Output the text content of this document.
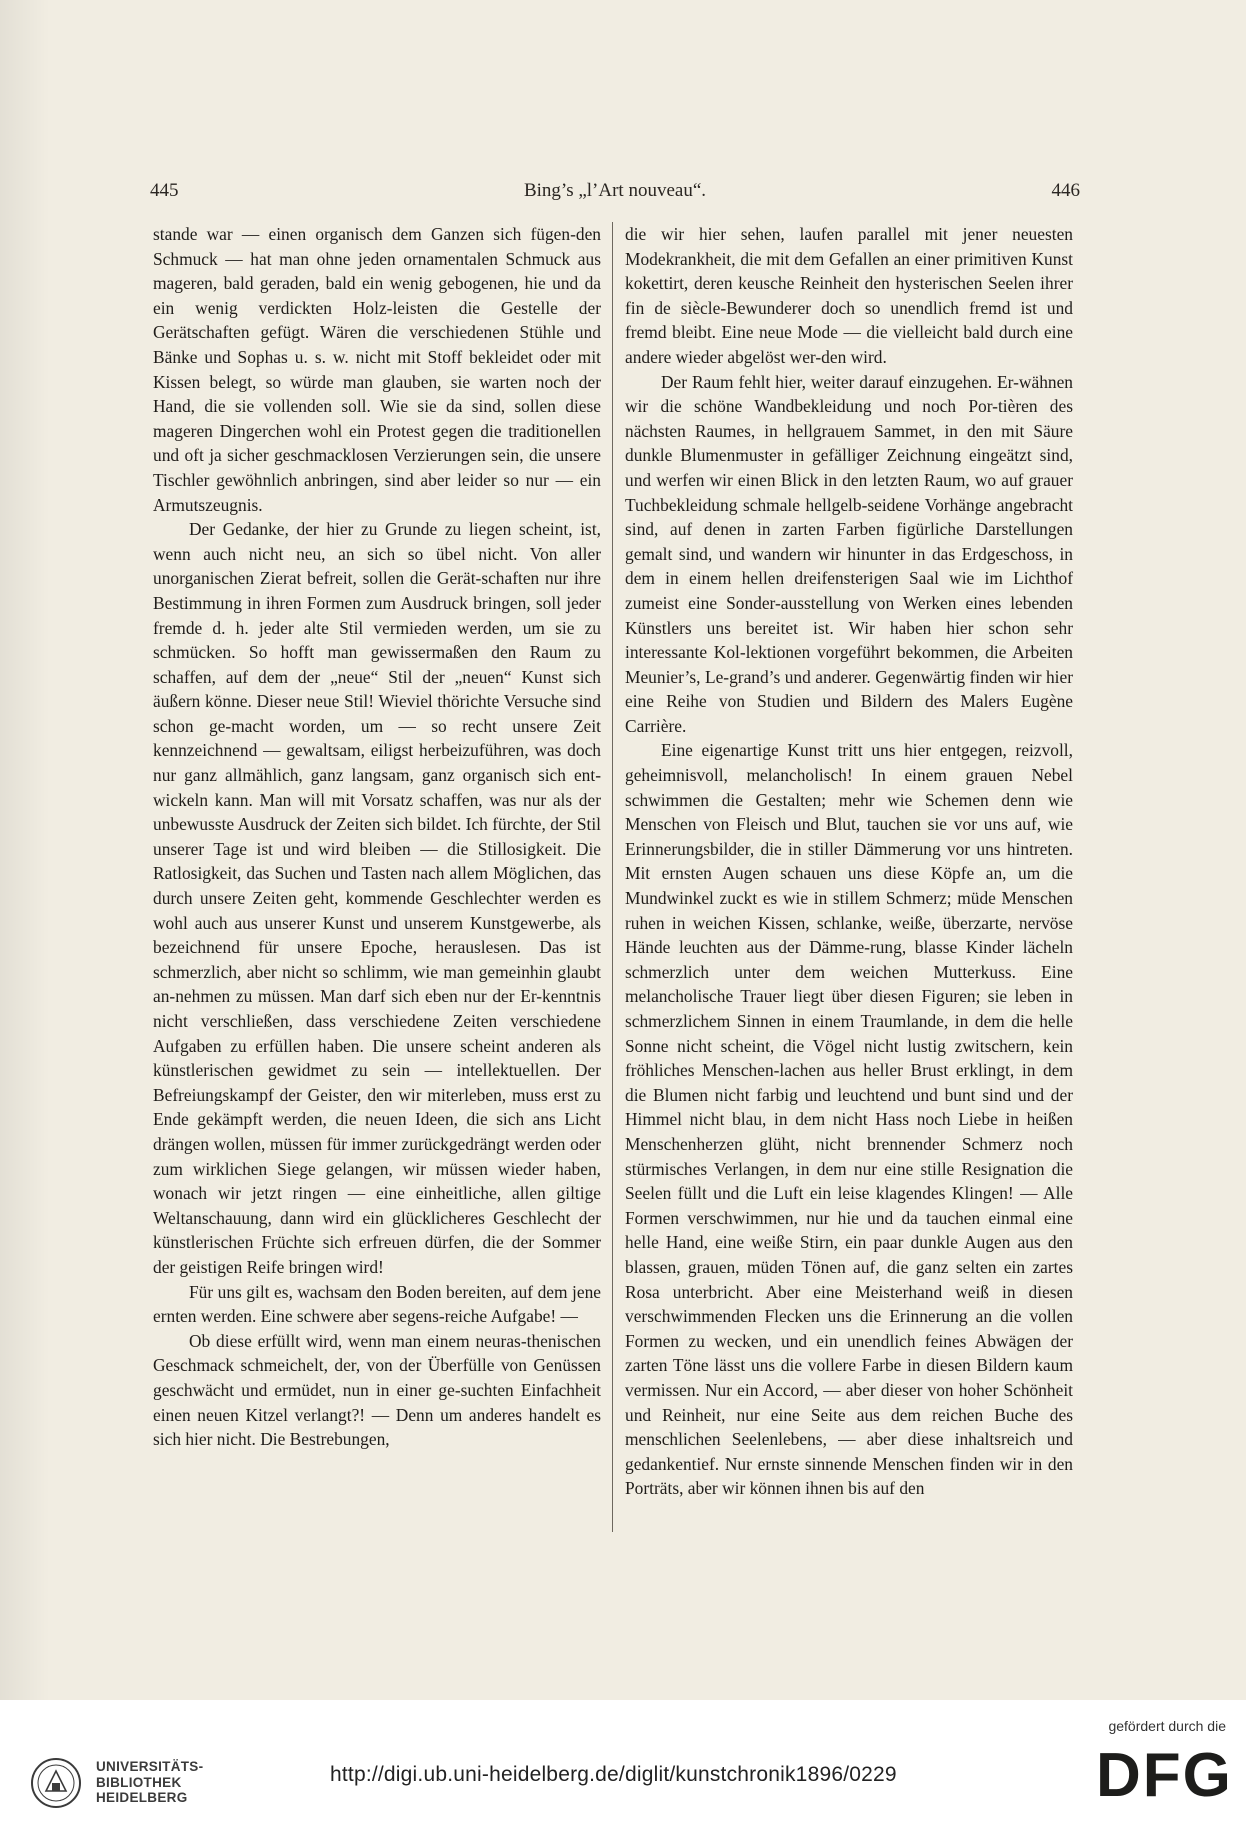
445	Bing’s „l’Art nouveau“.	446

stande war — einen organisch dem Ganzen sich fügen-den Schmuck — hat man ohne jeden ornamentalen Schmuck aus mageren, bald geraden, bald ein wenig gebogenen, hie und da ein wenig verdickten Holz-leisten die Gestelle der Gerätschaften gefügt. Wären die verschiedenen Stühle und Bänke und Sophas u. s. w. nicht mit Stoff bekleidet oder mit Kissen belegt, so würde man glauben, sie warten noch der Hand, die sie vollenden soll. Wie sie da sind, sollen diese mageren Dingerchen wohl ein Protest gegen die traditionellen und oft ja sicher geschmacklosen Verzierungen sein, die unsere Tischler gewöhnlich anbringen, sind aber leider so nur — ein Armutszeugnis.

Der Gedanke, der hier zu Grunde zu liegen scheint, ist, wenn auch nicht neu, an sich so übel nicht. Von aller unorganischen Zierat befreit, sollen die Gerät-schaften nur ihre Bestimmung in ihren Formen zum Ausdruck bringen, soll jeder fremde d. h. jeder alte Stil vermieden werden, um sie zu schmücken. So hofft man gewissermaßen den Raum zu schaffen, auf dem der „neue“ Stil der „neuen“ Kunst sich äußern könne. Dieser neue Stil! Wieviel thörichte Versuche sind schon ge-macht worden, um — so recht unsere Zeit kennzeichnend — gewaltsam, eiligst herbeizuführen, was doch nur ganz allmählich, ganz langsam, ganz organisch sich ent-wickeln kann. Man will mit Vorsatz schaffen, was nur als der unbewusste Ausdruck der Zeiten sich bildet. Ich fürchte, der Stil unserer Tage ist und wird bleiben — die Stillosigkeit. Die Ratlosigkeit, das Suchen und Tasten nach allem Möglichen, das durch unsere Zeiten geht, kommende Geschlechter werden es wohl auch aus unserer Kunst und unserem Kunstgewerbe, als bezeichnend für unsere Epoche, herauslesen. Das ist schmerzlich, aber nicht so schlimm, wie man gemeinhin glaubt an-nehmen zu müssen. Man darf sich eben nur der Er-kenntnis nicht verschließen, dass verschiedene Zeiten verschiedene Aufgaben zu erfüllen haben. Die unsere scheint anderen als künstlerischen gewidmet zu sein — intellektuellen. Der Befreiungskampf der Geister, den wir miterleben, muss erst zu Ende gekämpft werden, die neuen Ideen, die sich ans Licht drängen wollen, müssen für immer zurückgedrängt werden oder zum wirklichen Siege gelangen, wir müssen wieder haben, wonach wir jetzt ringen — eine einheitliche, allen giltige Weltanschauung, dann wird ein glücklicheres Geschlecht der künstlerischen Früchte sich erfreuen dürfen, die der Sommer der geistigen Reife bringen wird!

Für uns gilt es, wachsam den Boden bereiten, auf dem jene ernten werden. Eine schwere aber segens-reiche Aufgabe! —

Ob diese erfüllt wird, wenn man einem neuras-thenischen Geschmack schmeichelt, der, von der Überfülle von Genüssen geschwächt und ermüdet, nun in einer ge-suchten Einfachheit einen neuen Kitzel verlangt?! — Denn um anderes handelt es sich hier nicht. Die Bestrebungen,

die wir hier sehen, laufen parallel mit jener neuesten Modekrankheit, die mit dem Gefallen an einer primitiven Kunst kokettirt, deren keusche Reinheit den hysterischen Seelen ihrer fin de siècle-Bewunderer doch so unendlich fremd ist und fremd bleibt. Eine neue Mode — die vielleicht bald durch eine andere wieder abgelöst wer-den wird.

Der Raum fehlt hier, weiter darauf einzugehen. Er-wähnen wir die schöne Wandbekleidung und noch Por-tièren des nächsten Raumes, in hellgrauem Sammet, in den mit Säure dunkle Blumenmuster in gefälliger Zeichnung eingeätzt sind, und werfen wir einen Blick in den letzten Raum, wo auf grauer Tuchbekleidung schmale hellgelb-seidene Vorhänge angebracht sind, auf denen in zarten Farben figürliche Darstellungen gemalt sind, und wandern wir hinunter in das Erdgeschoss, in dem in einem hellen dreifensterigen Saal wie im Lichthof zumeist eine Sonder-ausstellung von Werken eines lebenden Künstlers uns bereitet ist. Wir haben hier schon sehr interessante Kol-lektionen vorgeführt bekommen, die Arbeiten Meunier’s, Le-grand’s und anderer. Gegenwärtig finden wir hier eine Reihe von Studien und Bildern des Malers Eugène Carrière.

Eine eigenartige Kunst tritt uns hier entgegen, reizvoll, geheimnisvoll, melancholisch! In einem grauen Nebel schwimmen die Gestalten; mehr wie Schemen denn wie Menschen von Fleisch und Blut, tauchen sie vor uns auf, wie Erinnerungsbilder, die in stiller Dämmerung vor uns hintreten. Mit ernsten Augen schauen uns diese Köpfe an, um die Mundwinkel zuckt es wie in stillem Schmerz; müde Menschen ruhen in weichen Kissen, schlanke, weiße, überzarte, nervöse Hände leuchten aus der Dämme-rung, blasse Kinder lächeln schmerzlich unter dem weichen Mutterkuss. Eine melancholische Trauer liegt über diesen Figuren; sie leben in schmerzlichem Sinnen in einem Traumlande, in dem die helle Sonne nicht scheint, die Vögel nicht lustig zwitschern, kein fröhliches Menschen-lachen aus heller Brust erklingt, in dem die Blumen nicht farbig und leuchtend und bunt sind und der Himmel nicht blau, in dem nicht Hass noch Liebe in heißen Menschenherzen glüht, nicht brennender Schmerz noch stürmisches Verlangen, in dem nur eine stille Resignation die Seelen füllt und die Luft ein leise klagendes Klingen! — Alle Formen verschwimmen, nur hie und da tauchen einmal eine helle Hand, eine weiße Stirn, ein paar dunkle Augen aus den blassen, grauen, müden Tönen auf, die ganz selten ein zartes Rosa unterbricht. Aber eine Meisterhand weiß in diesen verschwimmenden Flecken uns die Erinnerung an die vollen Formen zu wecken, und ein unendlich feines Abwägen der zarten Töne lässt uns die vollere Farbe in diesen Bildern kaum vermissen. Nur ein Accord, — aber dieser von hoher Schönheit und Reinheit, nur eine Seite aus dem reichen Buche des menschlichen Seelenlebens, — aber diese inhaltsreich und gedankentief. Nur ernste sinnende Menschen finden wir in den Porträts, aber wir können ihnen bis auf den

UNIVERSITÄTS-
BIBLIOTHEK
HEIDELBERG
http://digi.ub.uni-heidelberg.de/diglit/kunstchronik1896/0229
gefördert durch die
DFG
